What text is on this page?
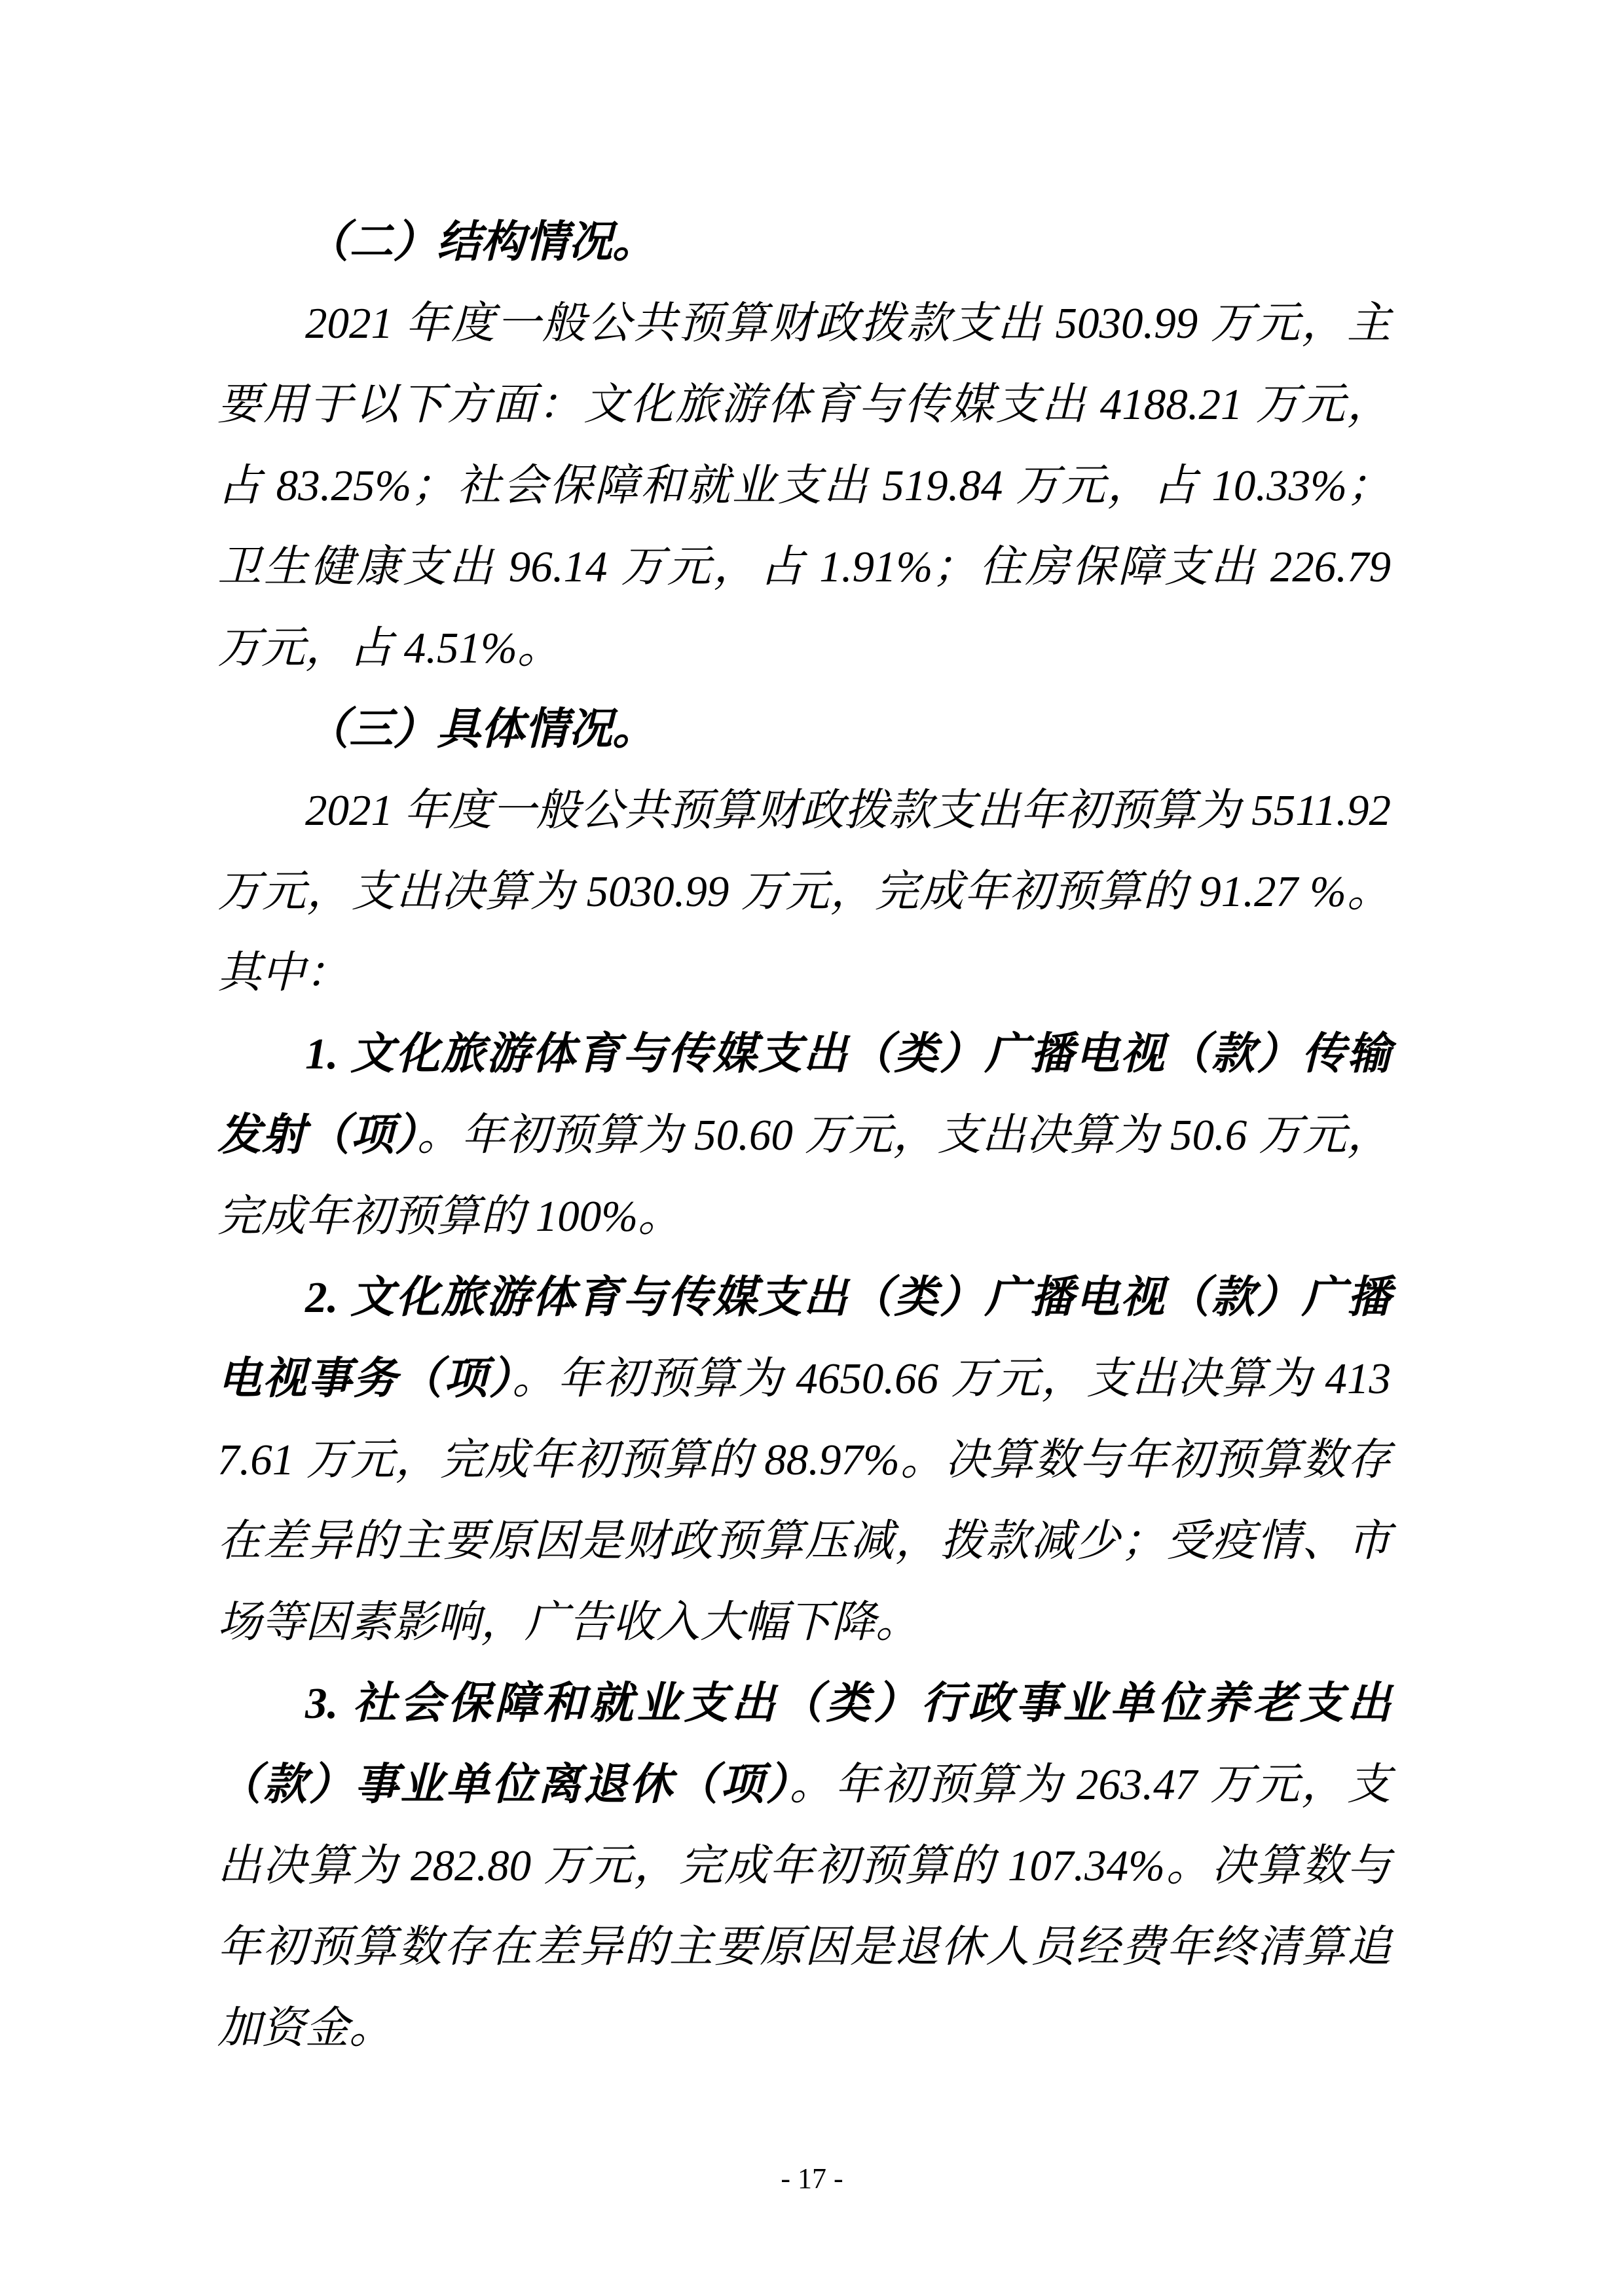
（二）结构情况。

2021 年度一般公共预算财政拨款支出 5030.99 万元，主要用于以下方面：文化旅游体育与传媒支出 4188.21 万元，占 83.25%；社会保障和就业支出 519.84 万元，占 10.33%；卫生健康支出 96.14 万元，占 1.91%；住房保障支出 226.79 万元，占 4.51%。

（三）具体情况。

2021 年度一般公共预算财政拨款支出年初预算为 5511.92 万元，支出决算为 5030.99 万元，完成年初预算的 91.27 %。其中：

1. 文化旅游体育与传媒支出（类）广播电视（款）传输发射（项）。年初预算为 50.60 万元，支出决算为 50.6 万元，完成年初预算的 100%。

2. 文化旅游体育与传媒支出（类）广播电视（款）广播电视事务（项）。年初预算为 4650.66 万元，支出决算为 4137.61 万元，完成年初预算的 88.97%。决算数与年初预算数存在差异的主要原因是财政预算压减，拨款减少；受疫情、市场等因素影响，广告收入大幅下降。

3. 社会保障和就业支出（类）行政事业单位养老支出（款）事业单位离退休（项）。年初预算为 263.47 万元，支出决算为 282.80 万元，完成年初预算的 107.34%。决算数与年初预算数存在差异的主要原因是退休人员经费年终清算追加资金。

- 17 -
